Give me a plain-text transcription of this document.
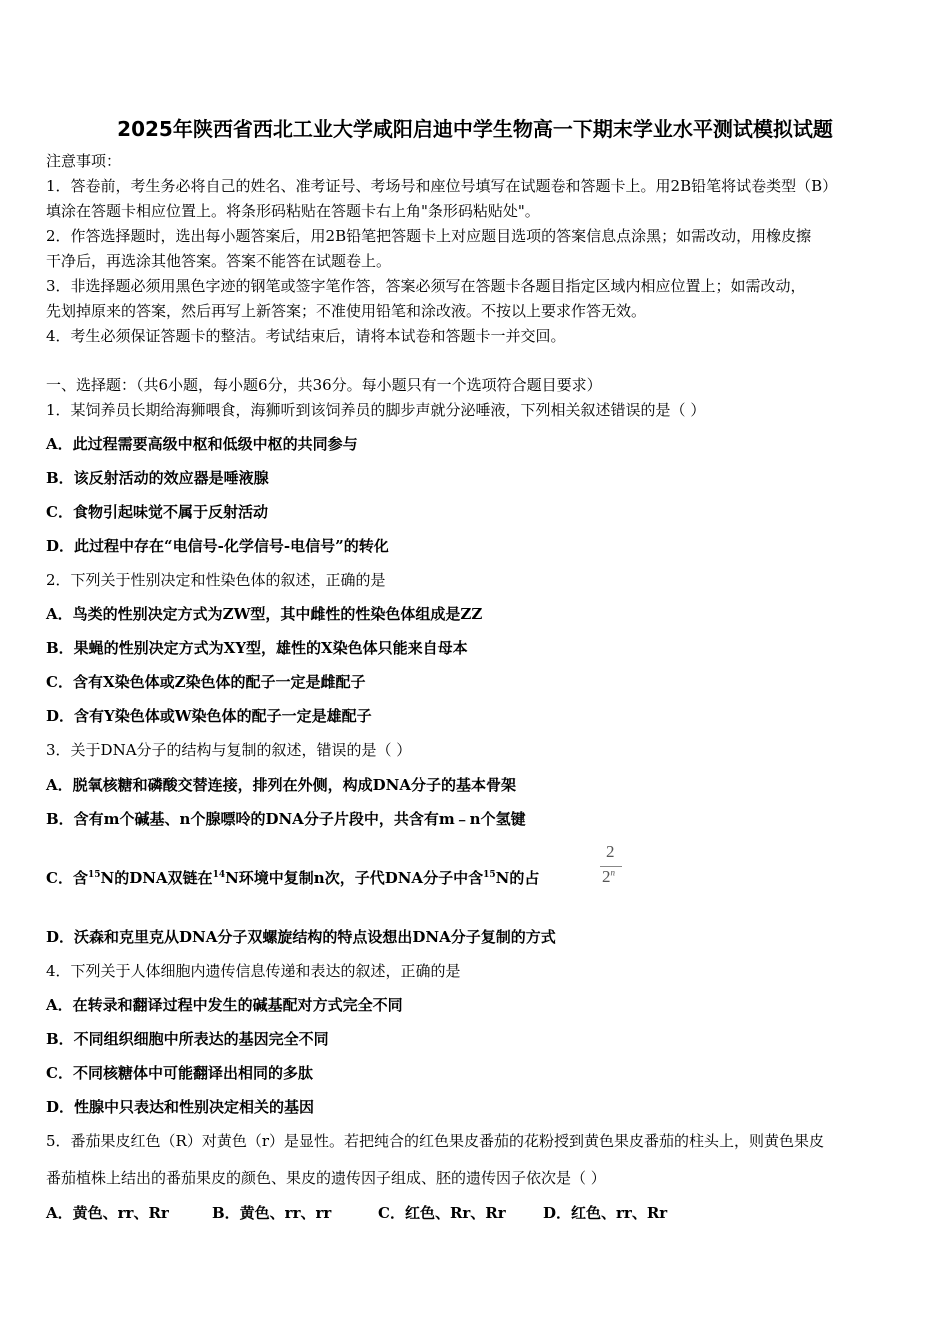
2025年陕西省西北工业大学咸阳启迪中学生物高一下期末学业水平测试模拟试题
注意事项：
1．答卷前，考生务必将自己的姓名、准考证号、考场号和座位号填写在试题卷和答题卡上。用2B铅笔将试卷类型（B）
填涂在答题卡相应位置上。将条形码粘贴在答题卡右上角"条形码粘贴处"。
2．作答选择题时，选出每小题答案后，用2B铅笔把答题卡上对应题目选项的答案信息点涂黑；如需改动，用橡皮擦
干净后，再选涂其他答案。答案不能答在试题卷上。
3．非选择题必须用黑色字迹的钢笔或签字笔作答，答案必须写在答题卡各题目指定区域内相应位置上；如需改动，
先划掉原来的答案，然后再写上新答案；不准使用铅笔和涂改液。不按以上要求作答无效。
4．考生必须保证答题卡的整洁。考试结束后，请将本试卷和答题卡一并交回。
一、选择题：（共6小题，每小题6分，共36分。每小题只有一个选项符合题目要求）
1．某饲养员长期给海狮喂食，海狮听到该饲养员的脚步声就分泌唾液，下列相关叙述错误的是（ ）
A．此过程需要高级中枢和低级中枢的共同参与
B．该反射活动的效应器是唾液腺
C．食物引起味觉不属于反射活动
D．此过程中存在“电信号-化学信号-电信号”的转化
2．下列关于性别决定和性染色体的叙述，正确的是
A．鸟类的性别决定方式为ZW型，其中雌性的性染色体组成是ZZ
B．果蝇的性别决定方式为XY型，雄性的X染色体只能来自母本
C．含有X染色体或Z染色体的配子一定是雌配子
D．含有Y染色体或W染色体的配子一定是雄配子
3．关于DNA分子的结构与复制的叙述，错误的是（ ）
A．脱氧核糖和磷酸交替连接，排列在外侧，构成DNA分子的基本骨架
B．含有m个碱基、n个腺嘌呤的DNA分子片段中，共含有m﹣n个氢键
C．含$^{15}$N的DNA双链在$^{14}$N环境中复制n次，子代DNA分子中含$^{15}$N的占
2
2$^n$
D．沃森和克里克从DNA分子双螺旋结构的特点设想出DNA分子复制的方式
4．下列关于人体细胞内遗传信息传递和表达的叙述，正确的是
A．在转录和翻译过程中发生的碱基配对方式完全不同
B．不同组织细胞中所表达的基因完全不同
C．不同核糖体中可能翻译出相同的多肽
D．性腺中只表达和性别决定相关的基因
5．番茄果皮红色（R）对黄色（r）是显性。若把纯合的红色果皮番茄的花粉授到黄色果皮番茄的柱头上，则黄色果皮
番茄植株上结出的番茄果皮的颜色、果皮的遗传因子组成、胚的遗传因子依次是（ ）
A．黄色、rr、Rr	B．黄色、rr、rr	C．红色、Rr、Rr D．红色、rr、Rr
